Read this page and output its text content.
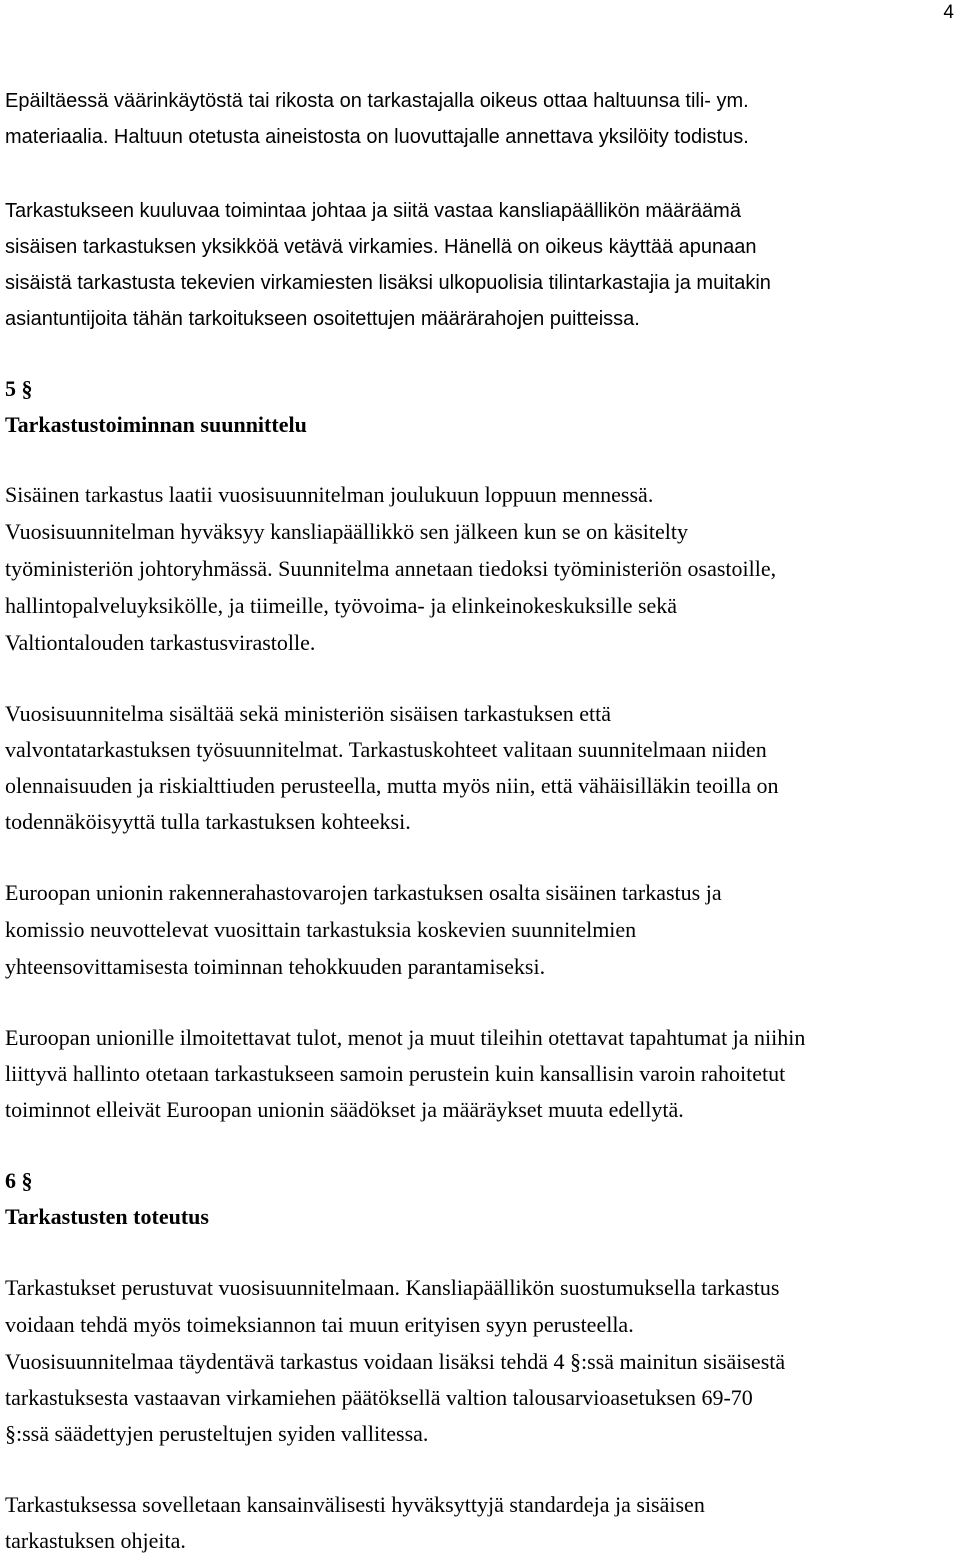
4
Epäiltäessä väärinkäytöstä tai rikosta on tarkastajalla oikeus ottaa haltuunsa tili- ym.
materiaalia. Haltuun otetusta aineistosta on luovuttajalle annettava yksilöity todistus.
Tarkastukseen kuuluvaa toimintaa johtaa ja siitä vastaa kansliapäällikön määräämä
sisäisen tarkastuksen yksikköä vetävä virkamies. Hänellä on oikeus käyttää apunaan
sisäistä tarkastusta tekevien virkamiesten lisäksi ulkopuolisia tilintarkastajia ja muitakin
asiantuntijoita tähän tarkoitukseen osoitettujen määrärahojen puitteissa.
5 §
Tarkastustoiminnan suunnittelu
Sisäinen tarkastus laatii vuosisuunnitelman joulukuun loppuun mennessä.
Vuosisuunnitelman hyväksyy kansliapäällikkö sen jälkeen kun se on käsitelty
työministeriön johtoryhmässä. Suunnitelma annetaan tiedoksi työministeriön osastoille,
hallintopalveluyksikölle, ja tiimeille, työvoima- ja elinkeinokeskuksille sekä
Valtiontalouden tarkastusvirastolle.
Vuosisuunnitelma sisältää sekä ministeriön sisäisen tarkastuksen että
valvontatarkastuksen työsuunnitelmat. Tarkastuskohteet valitaan suunnitelmaan niiden
olennaisuuden ja riskialttiuden perusteella, mutta myös niin, että vähäisilläkin teoilla on
todennäköisyyttä tulla tarkastuksen kohteeksi.
Euroopan unionin rakennerahastovarojen tarkastuksen osalta sisäinen tarkastus ja
komissio neuvottelevat vuosittain tarkastuksia koskevien suunnitelmien
yhteensovittamisesta toiminnan tehokkuuden parantamiseksi.
Euroopan unionille ilmoitettavat tulot, menot ja muut tileihin otettavat tapahtumat ja niihin
liittyvä hallinto otetaan tarkastukseen samoin perustein kuin kansallisin varoin rahoitetut
toiminnot elleivät Euroopan unionin säädökset ja määräykset muuta edellytä.
6 §
Tarkastusten toteutus
Tarkastukset perustuvat vuosisuunnitelmaan. Kansliapäällikön suostumuksella tarkastus
voidaan tehdä myös toimeksiannon tai muun erityisen syyn perusteella.
Vuosisuunnitelmaa täydentävä tarkastus voidaan lisäksi tehdä 4 §:ssä mainitun sisäisestä
tarkastuksesta vastaavan virkamiehen päätöksellä valtion talousarvioasetuksen 69-70
§:ssä säädettyjen perusteltujen syiden vallitessa.
Tarkastuksessa sovelletaan kansainvälisesti hyväksyttyjä standardeja ja sisäisen
tarkastuksen ohjeita.
